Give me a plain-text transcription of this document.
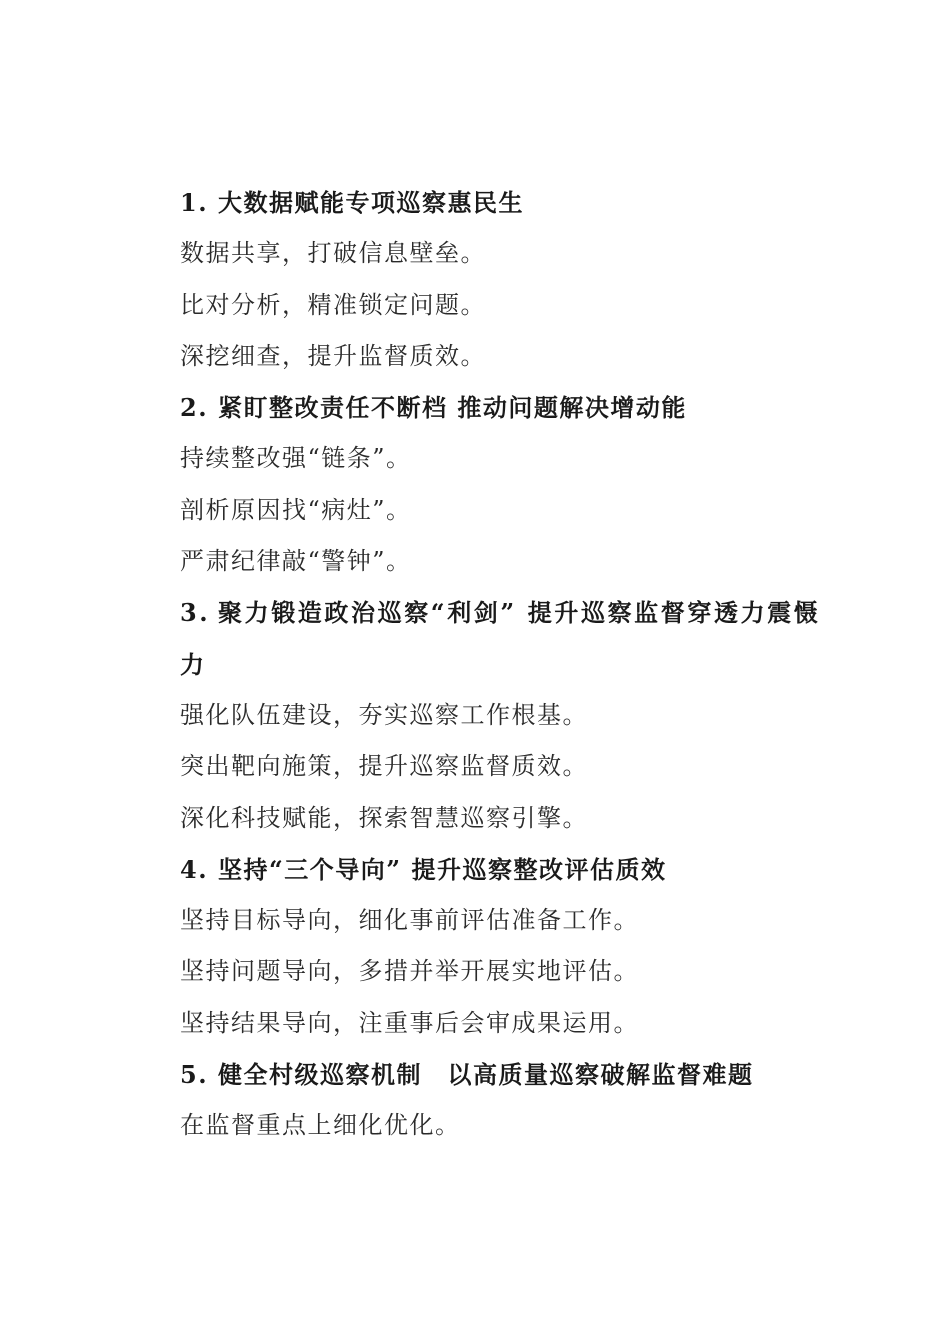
1. 大数据赋能专项巡察惠民生
数据共享，打破信息壁垒。
比对分析，精准锁定问题。
深挖细查，提升监督质效。
2. 紧盯整改责任不断档 推动问题解决增动能
持续整改强“链条”。
剖析原因找“病灶”。
严肃纪律敲“警钟”。
3. 聚力锻造政治巡察“利剑” 提升巡察监督穿透力震慑力
强化队伍建设，夯实巡察工作根基。
突出靶向施策，提升巡察监督质效。
深化科技赋能，探索智慧巡察引擎。
4. 坚持“三个导向” 提升巡察整改评估质效
坚持目标导向，细化事前评估准备工作。
坚持问题导向，多措并举开展实地评估。
坚持结果导向，注重事后会审成果运用。
5. 健全村级巡察机制　以高质量巡察破解监督难题
在监督重点上细化优化。
